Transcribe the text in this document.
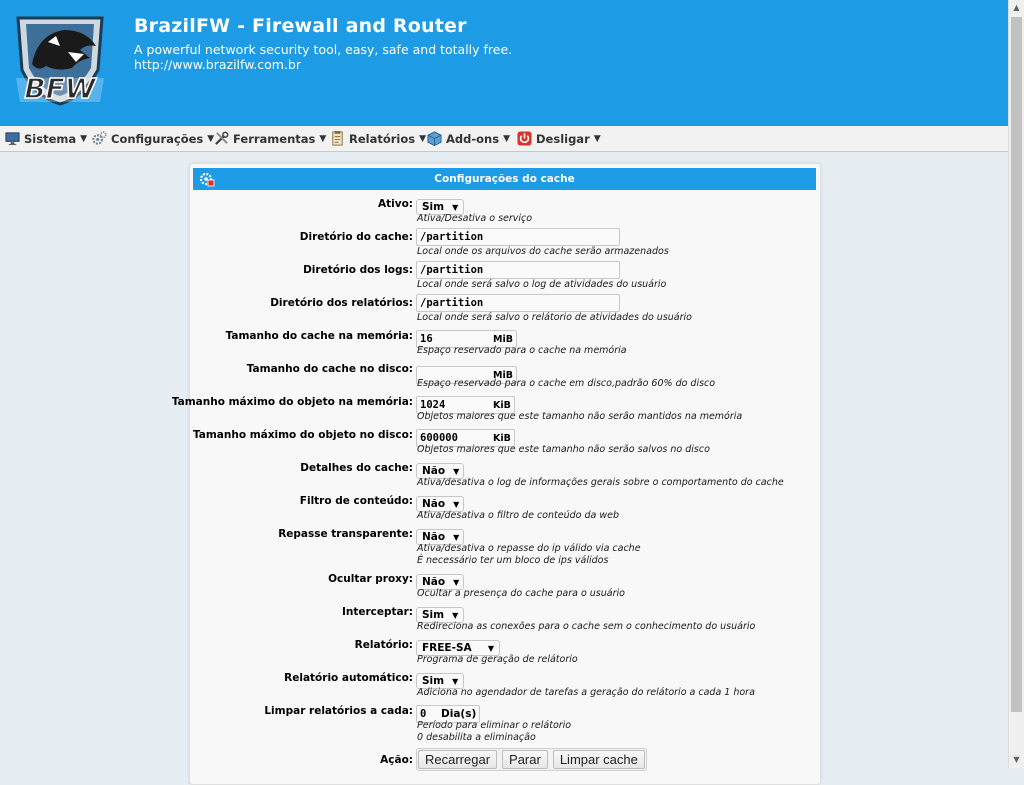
BFW
BrazilFW - Firewall and Router
A powerful network security tool, easy, safe and totally free.
http://www.brazilfw.com.br
Sistema ▼ Configurações ▼ Ferramentas ▼ Relatórios ▼ Add-ons ▼ Desligar ▼
▲
▼
Configurações do cache
Ativo: Sim ▼
Ativa/Desativa o serviço
Diretório do cache: /partition
Local onde os arquivos do cache serão armazenados
Diretório dos logs: /partition
Local onde será salvo o log de atividades do usuário
Diretório dos relatórios: /partition
Local onde será salvo o relátorio de atividades do usuário
Tamanho do cache na memória: 16	MiB
Espaço reservado para o cache na memória
Tamanho do cache no disco:	MiB
Espaço reservado para o cache em disco,padrão 60% do disco
Tamanho máximo do objeto na memória: 1024	KiB
Objetos maiores que este tamanho não serão mantidos na memória
Tamanho máximo do objeto no disco: 600000	KiB
Objetos maiores que este tamanho não serão salvos no disco
Detalhes do cache: Não ▼
Ativa/desativa o log de informações gerais sobre o comportamento do cache
Filtro de conteúdo: Não ▼
Ativa/desativa o filtro de conteúdo da web
Repasse transparente: Não ▼
Ativa/desativa o repasse do ip válido via cache
É necessário ter um bloco de ips válidos
Ocultar proxy: Não ▼
Ocultar a presença do cache para o usuário
Interceptar: Sim ▼
Redireciona as conexões para o cache sem o conhecimento do usuário
Relatório: FREE-SA ▼
Programa de geração de relátorio
Relatório automático: Sim ▼
Adiciona no agendador de tarefas a geração do relátorio a cada 1 hora
Limpar relatórios a cada: 0	Dia(s)
Período para eliminar o relátorio
0 desabilita a eliminação
Ação: Recarregar	Parar	Limpar cache
